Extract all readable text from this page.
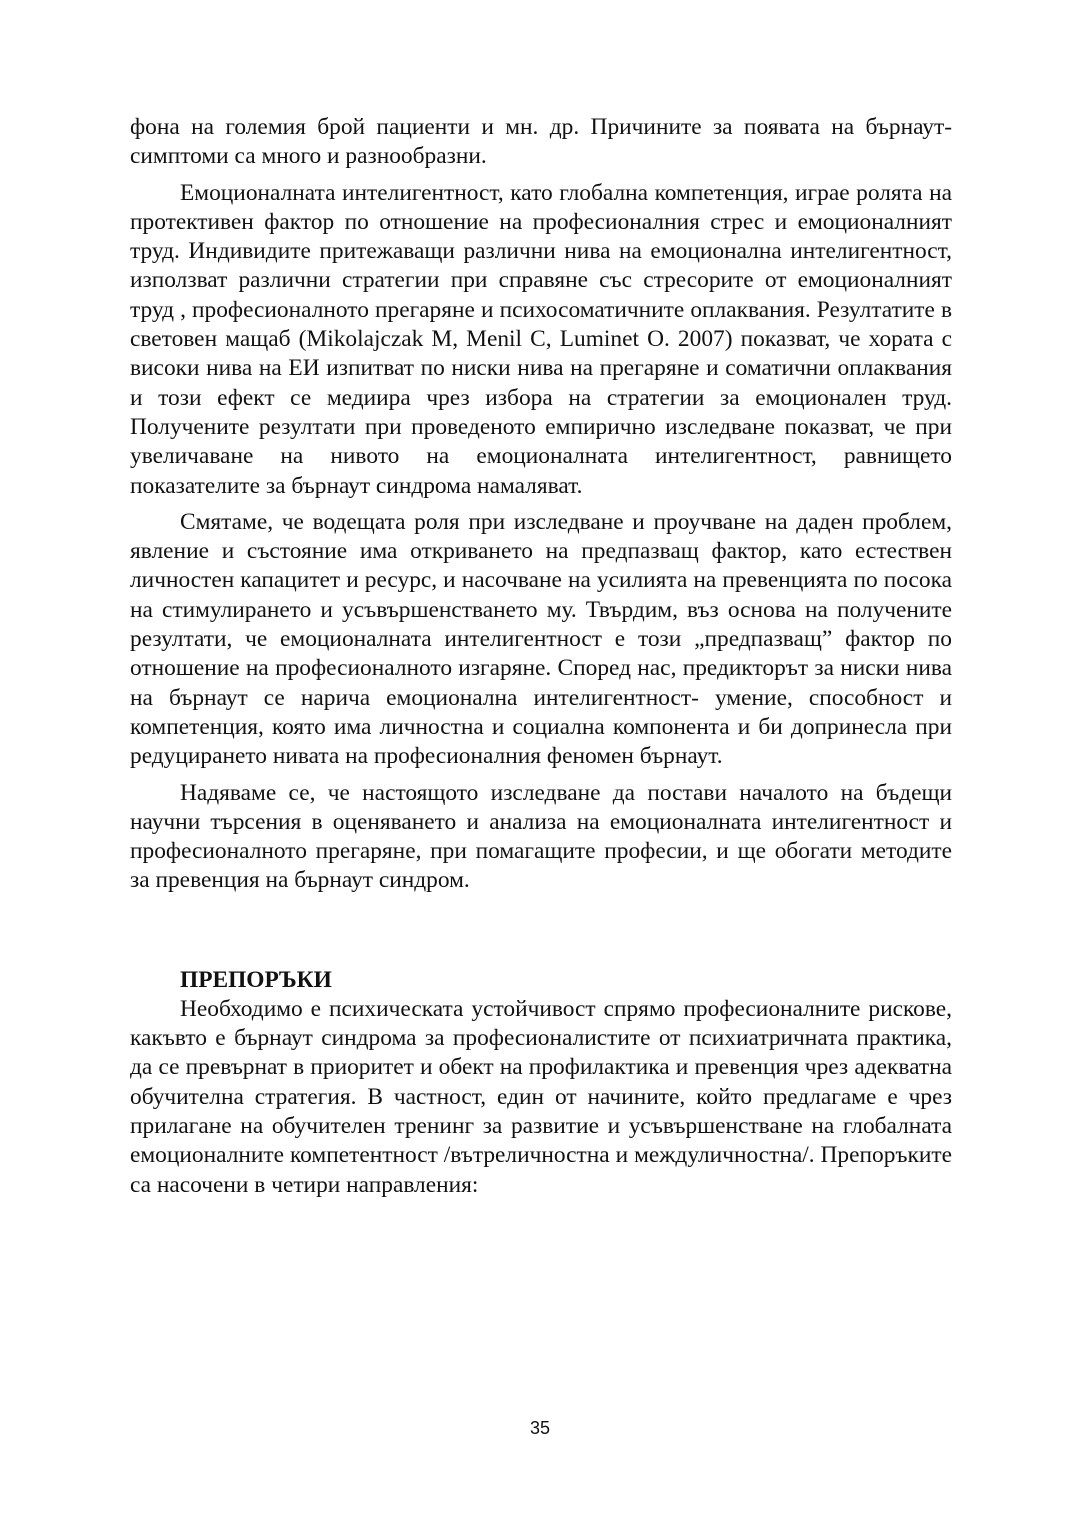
фона на големия брой пациенти и мн. др. Причините за появата на бърнаут- симптоми са много и разнообразни.

Емоционалната интелигентност, като глобална компетенция, играе ролята на протективен фактор по отношение на професионалния стрес и емоционалният труд. Индивидите притежаващи различни нива на емоционална интелигентност, използват различни стратегии при справяне със стресорите от емоционалният труд , професионалното прегаряне и психосоматичните оплаквания. Резултатите в световен мащаб (Mikolajczak M, Menil C, Luminet O. 2007) показват, че хората с високи нива на ЕИ изпитват по ниски нива на прегаряне и соматични оплаквания и този ефект се медиира чрез избора на стратегии за емоционален труд. Получените резултати при проведеното емпирично изследване показват, че при увеличаване на нивото на емоционалната интелигентност, равнището показателите за бърнаут синдрома намаляват.

Смятаме, че водещата роля при изследване и проучване на даден проблем, явление и състояние има откриването на предпазващ фактор, като естествен личностен капацитет и ресурс, и насочване на усилията на превенцията по посока на стимулирането и усъвършенстването му. Твърдим, въз основа на получените резултати, че емоционалната интелигентност е този „предпазващ” фактор по отношение на професионалното изгаряне. Според нас, предикторът за ниски нива на бърнаут се нарича емоционална интелигентност- умение, способност и компетенция, която има личностна и социална компонента и би допринесла при редуцирането нивата на професионалния феномен бърнаут.

Надяваме се, че настоящото изследване да постави началото на бъдещи научни търсения в оценяването и анализа на емоционалната интелигентност и професионалното прегаряне, при помагащите професии, и ще обогати методите за превенция на бърнаут синдром.

ПРЕПОРЪКИ

Необходимо е психическата устойчивост спрямо професионалните рискове, какъвто е бърнаут синдрома за професионалистите от психиатричната практика, да се превърнат в приоритет и обект на профилактика и превенция чрез адекватна обучителна стратегия. В частност, един от начините, който предлагаме е чрез прилагане на обучителен тренинг за развитие и усъвършенстване на глобалната емоционалните компетентност /вътреличностна и междуличностна/. Препоръките са насочени в четири направления:

35
